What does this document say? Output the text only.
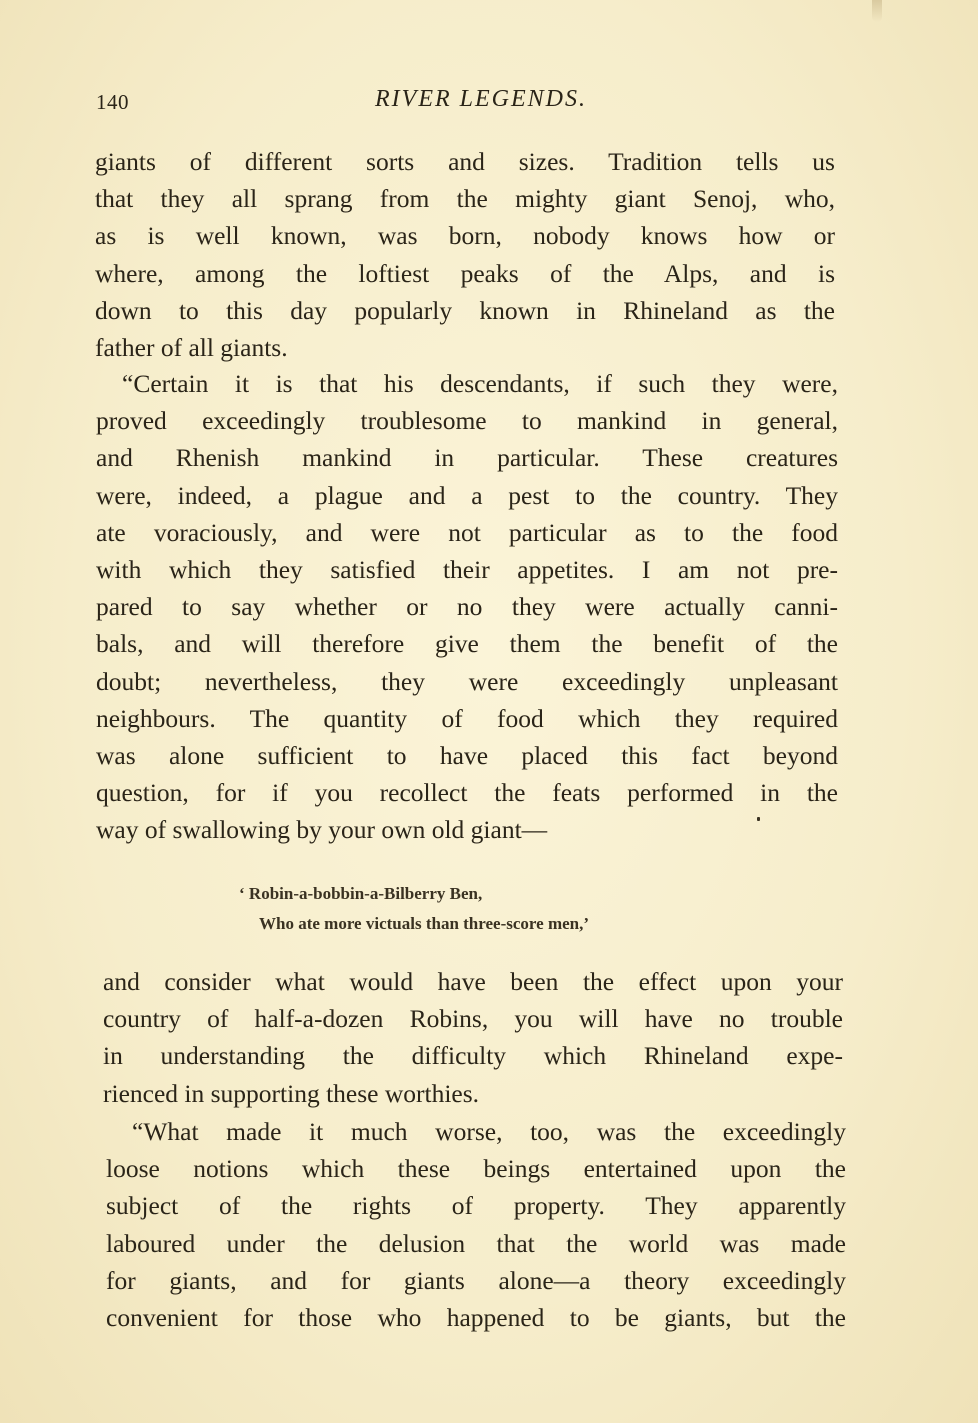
140	RIVER LEGENDS.
giants of different sorts and sizes. Tradition tells us
that they all sprang from the mighty giant Senoj, who,
as is well known, was born, nobody knows how or
where, among the loftiest peaks of the Alps, and is
down to this day popularly known in Rhineland as the
father of all giants.
“Certain it is that his descendants, if such they were,
proved exceedingly troublesome to mankind in general,
and Rhenish mankind in particular. These creatures
were, indeed, a plague and a pest to the country. They
ate voraciously, and were not particular as to the food
with which they satisfied their appetites. I am not pre-
pared to say whether or no they were actually canni-
bals, and will therefore give them the benefit of the
doubt; nevertheless, they were exceedingly unpleasant
neighbours. The quantity of food which they required
was alone sufficient to have placed this fact beyond
question, for if you recollect the feats performed in the
way of swallowing by your own old giant—
‘ Robin-a-bobbin-a-Bilberry Ben,
Who ate more victuals than three-score men,’
and consider what would have been the effect upon your
country of half-a-dozen Robins, you will have no trouble
in understanding the difficulty which Rhineland expe-
rienced in supporting these worthies.
“What made it much worse, too, was the exceedingly
loose notions which these beings entertained upon the
subject of the rights of property. They apparently
laboured under the delusion that the world was made
for giants, and for giants alone—a theory exceedingly
convenient for those who happened to be giants, but the
